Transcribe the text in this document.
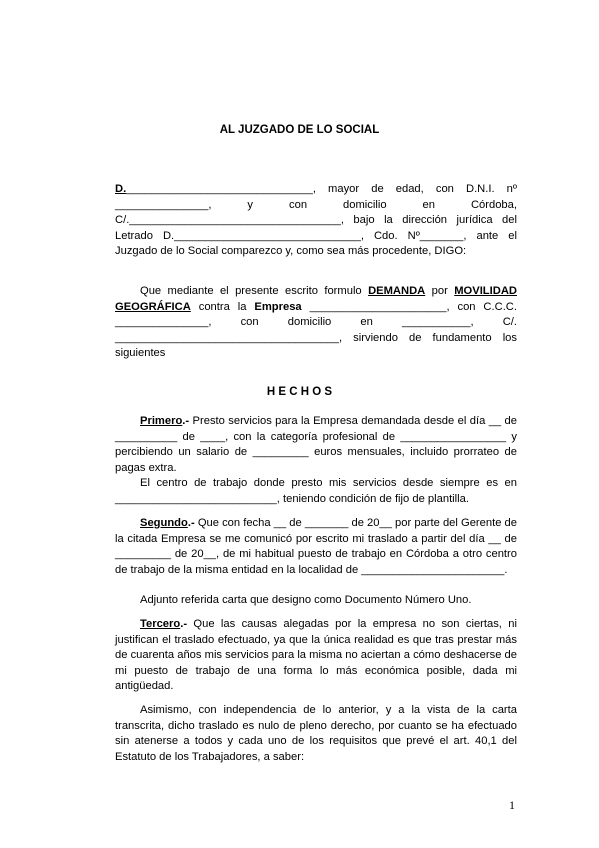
AL JUZGADO DE LO SOCIAL
D.______________________________, mayor de edad, con D.N.I. nº _______________, y con domicilio en Córdoba, C/.__________________________________, bajo la dirección jurídica del Letrado D.______________________________, Cdo. Nº_______, ante el Juzgado de lo Social comparezco y, como sea más procedente, DIGO:
Que mediante el presente escrito formulo DEMANDA por MOVILIDAD GEOGRÁFICA contra la Empresa ______________________, con C.C.C. _______________, con domicilio en ___________, C/. ____________________________________, sirviendo de fundamento los siguientes
H E C H O S
Primero.- Presto servicios para la Empresa demandada desde el día __ de __________ de ____, con la categoría profesional de _________________ y percibiendo un salario de _________ euros mensuales, incluido prorrateo de pagas extra.
El centro de trabajo donde presto mis servicios desde siempre es en __________________________, teniendo condición de fijo de plantilla.
Segundo.- Que con fecha __ de _______ de 20__ por parte del Gerente de la citada Empresa se me comunicó por escrito mi traslado a partir del día __ de _________ de 20__, de mi habitual puesto de trabajo en Córdoba a otro centro de trabajo de la misma entidad en la localidad de _______________________.
Adjunto referida carta que designo como Documento Número Uno.
Tercero.- Que las causas alegadas por la empresa no son ciertas, ni justifican el traslado efectuado, ya que la única realidad es que tras prestar más de cuarenta años mis servicios para la misma no aciertan a cómo deshacerse de mi puesto de trabajo de una forma lo más económica posible, dada mi antigüedad.
Asimismo, con independencia de lo anterior, y a la vista de la carta transcrita, dicho traslado es nulo de pleno derecho, por cuanto se ha efectuado sin atenerse a todos y cada uno de los requisitos que prevé el art. 40,1 del Estatuto de los Trabajadores, a saber:
1
